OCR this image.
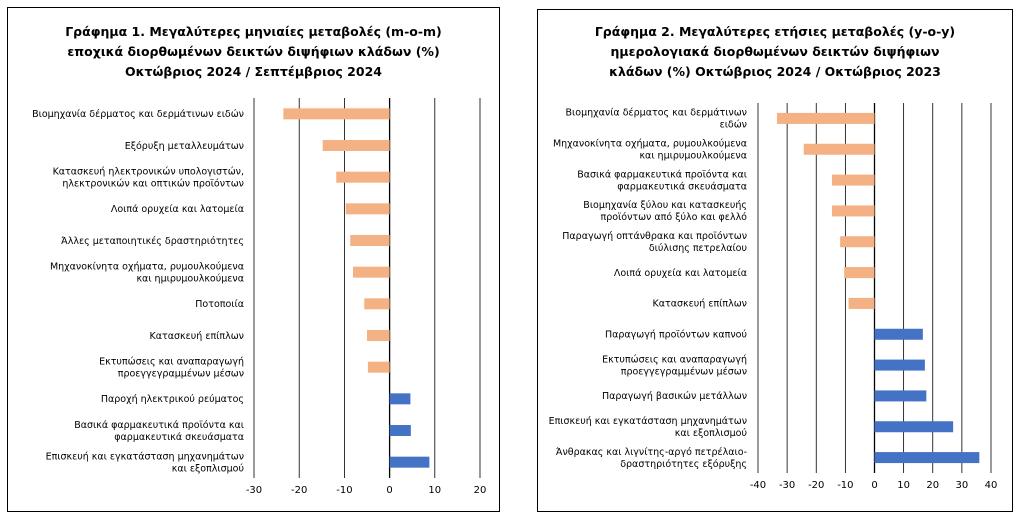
Γράφημα 1. Μεγαλύτερες μηνιαίες μεταβολές (m-o-m)
εποχικά διορθωμένων δεικτών διψήφιων κλάδων (%)
Οκτώβριος 2024 / Σεπτέμβριος 2024
Βιομηχανία δέρματος και δερμάτινων ειδών
Εξόρυξη μεταλλευμάτων
Κατασκευή ηλεκτρονικών υπολογιστών, ηλεκτρονικών και οπτικών προϊόντων
Λοιπά ορυχεία και λατομεία
Άλλες μεταποιητικές δραστηριότητες
Μηχανοκίνητα οχήματα, ρυμουλκούμενα και ημιρυμουλκούμενα
Ποτοποιία
Κατασκευή επίπλων
Εκτυπώσεις και αναπαραγωγή προεγγεγραμμένων μέσων
Παροχή ηλεκτρικού ρεύματος
Βασικά φαρμακευτικά προϊόντα και φαρμακευτικά σκευάσματα
Επισκευή και εγκατάσταση μηχανημάτων και εξοπλισμού
-30	-20	-10	0	10	20
Γράφημα 2. Μεγαλύτερες ετήσιες μεταβολές (y-o-y)
ημερολογιακά διορθωμένων δεικτών διψήφιων
κλάδων (%) Οκτώβριος 2024 / Οκτώβριος 2023
Βιομηχανία δέρματος και δερμάτινων ειδών
Μηχανοκίνητα οχήματα, ρυμουλκούμενα και ημιρυμουλκούμενα
Βασικά φαρμακευτικά προϊόντα και φαρμακευτικά σκευάσματα
Βιομηχανία ξύλου και κατασκευής προϊόντων από ξύλο και φελλό
Παραγωγή οπτάνθρακα και προϊόντων διύλισης πετρελαίου
Λοιπά ορυχεία και λατομεία
Κατασκευή επίπλων
Παραγωγή προϊόντων καπνού
Εκτυπώσεις και αναπαραγωγή προεγγεγραμμένων μέσων
Παραγωγή βασικών μετάλλων
Επισκευή και εγκατάσταση μηχανημάτων και εξοπλισμού
Άνθρακας και λιγνίτης-αργό πετρέλαιο-δραστηριότητες εξόρυξης
-40 -30 -20 -10 0 10 20 30 40
